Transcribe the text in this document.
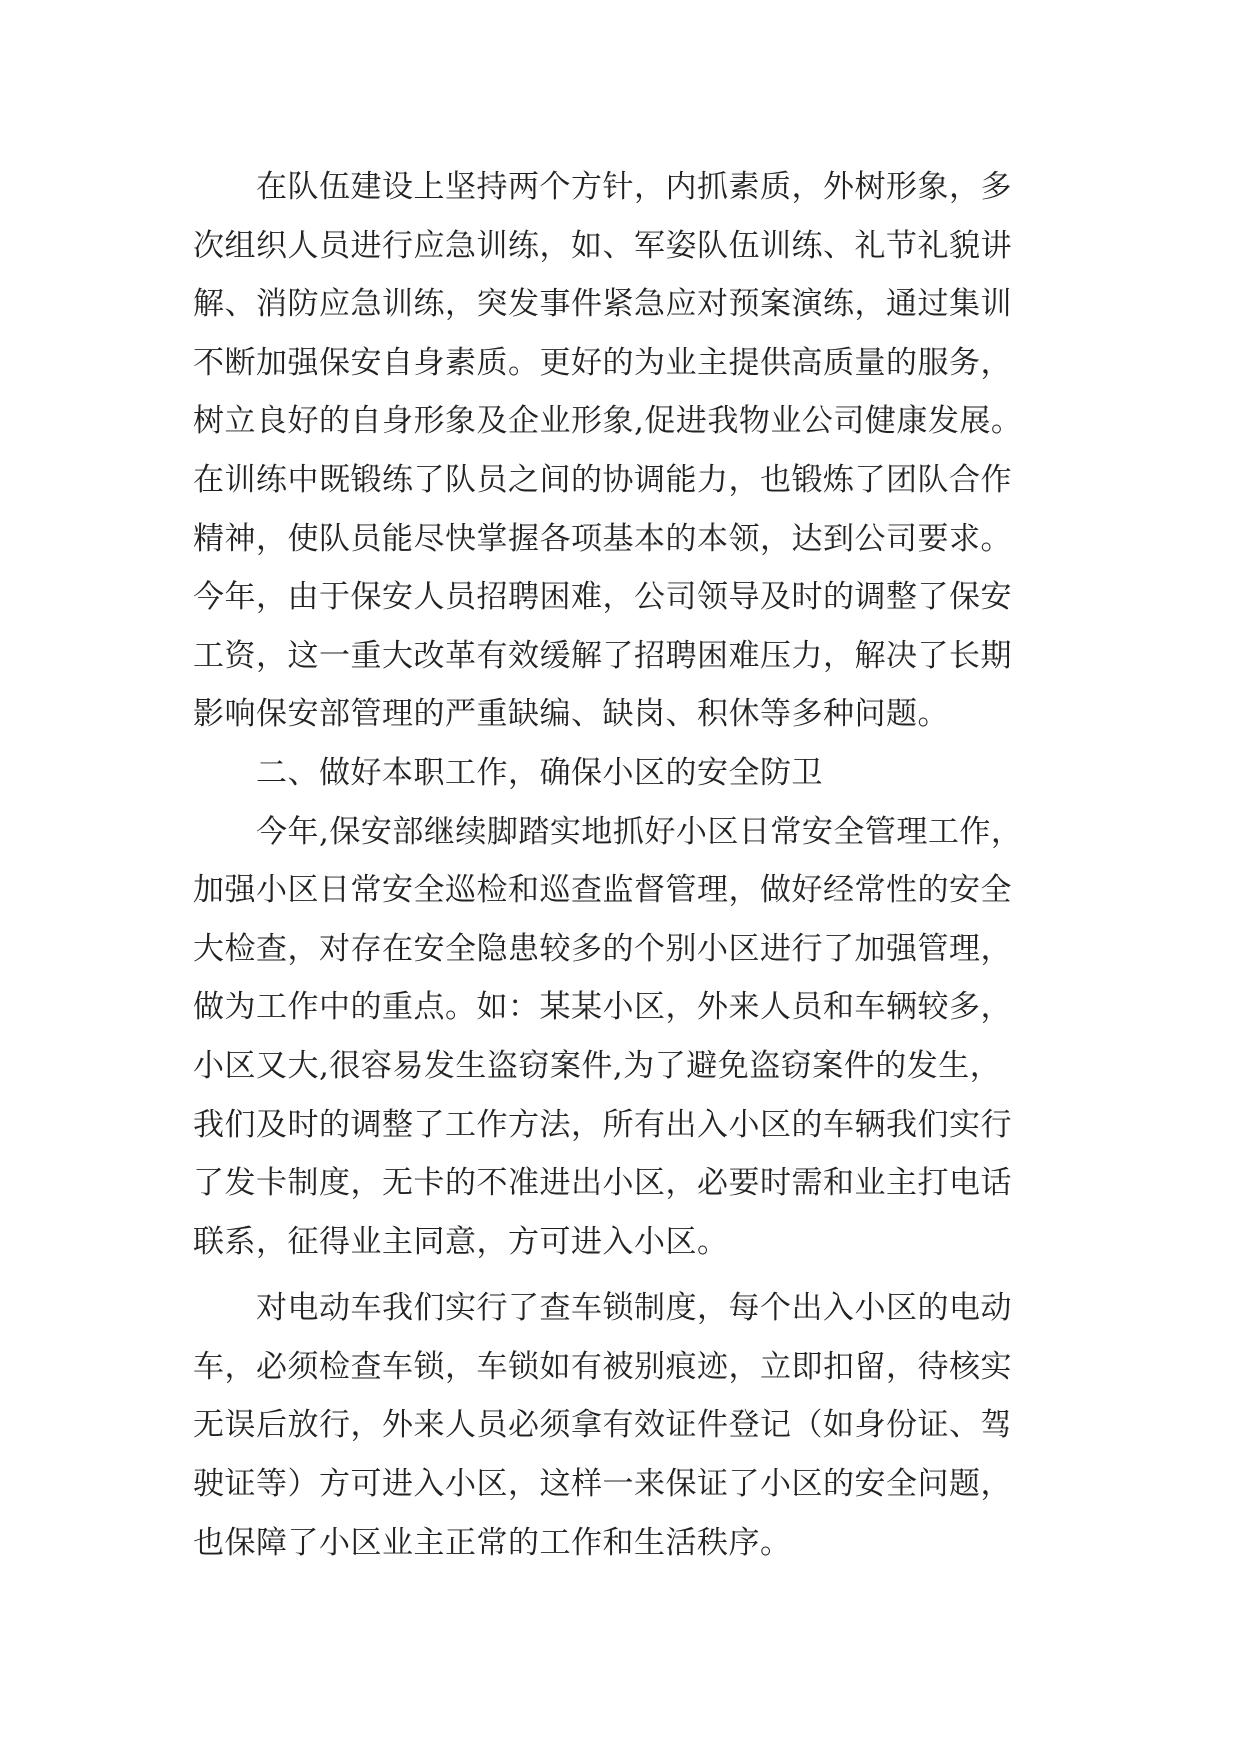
　　在队伍建设上坚持两个方针，内抓素质，外树形象，多
次组织人员进行应急训练，如、军姿队伍训练、礼节礼貌讲
解、消防应急训练，突发事件紧急应对预案演练，通过集训
不断加强保安自身素质。更好的为业主提供高质量的服务，
树立良好的自身形象及企业形象,促进我物业公司健康发展。
在训练中既锻练了队员之间的协调能力，也锻炼了团队合作
精神，使队员能尽快掌握各项基本的本领，达到公司要求。
今年，由于保安人员招聘困难，公司领导及时的调整了保安
工资，这一重大改革有效缓解了招聘困难压力，解决了长期
影响保安部管理的严重缺编、缺岗、积休等多种问题。
　　二、做好本职工作，确保小区的安全防卫
　　今年,保安部继续脚踏实地抓好小区日常安全管理工作，
加强小区日常安全巡检和巡查监督管理，做好经常性的安全
大检查，对存在安全隐患较多的个别小区进行了加强管理，
做为工作中的重点。如：某某小区，外来人员和车辆较多，
小区又大,很容易发生盗窃案件,为了避免盗窃案件的发生，
我们及时的调整了工作方法，所有出入小区的车辆我们实行
了发卡制度，无卡的不准进出小区，必要时需和业主打电话
联系，征得业主同意，方可进入小区。
　　对电动车我们实行了查车锁制度，每个出入小区的电动
车，必须检查车锁，车锁如有被别痕迹，立即扣留，待核实
无误后放行，外来人员必须拿有效证件登记（如身份证、驾
驶证等）方可进入小区，这样一来保证了小区的安全问题，
也保障了小区业主正常的工作和生活秩序。
